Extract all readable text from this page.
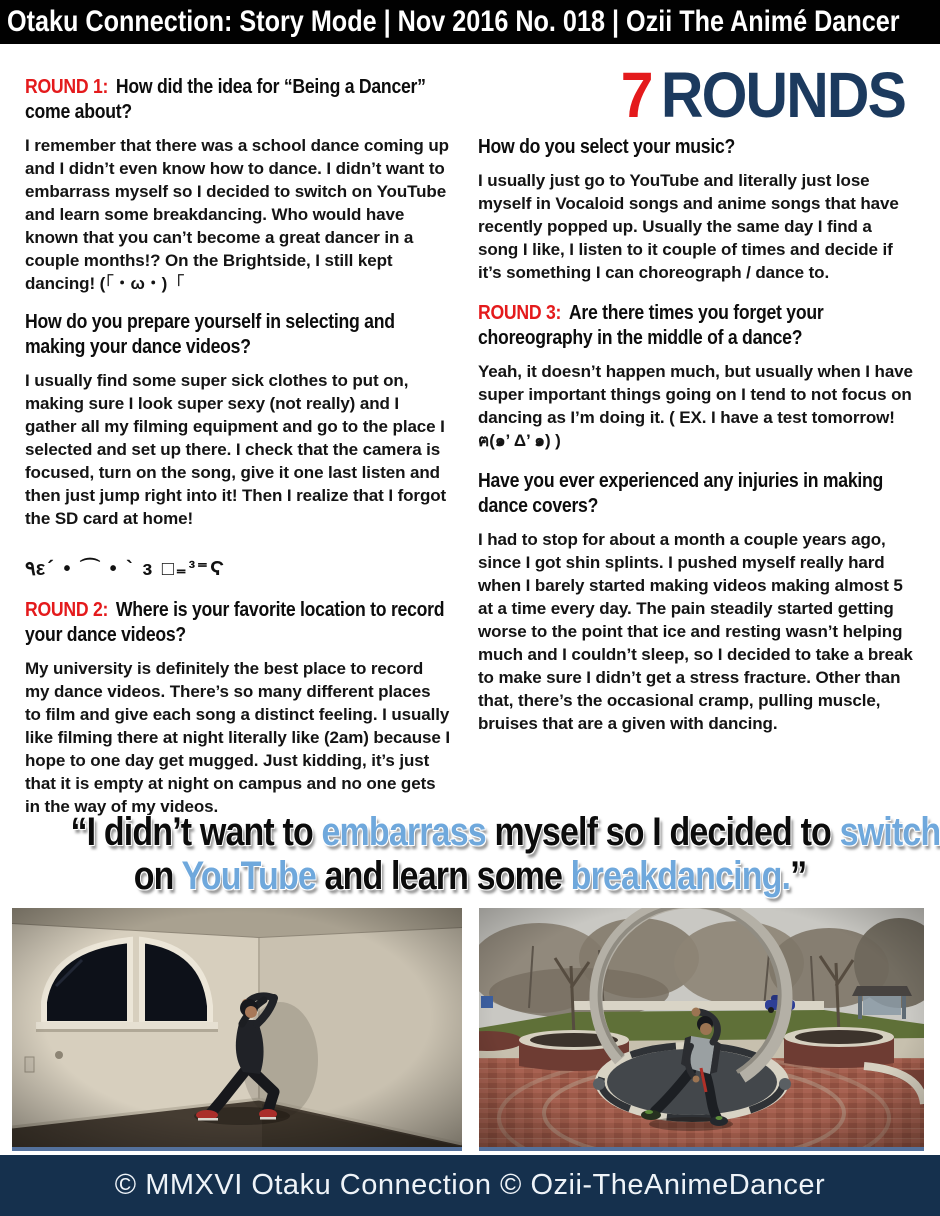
Otaku Connection: Story Mode | Nov 2016 No. 018 | Ozii The Animé Dancer
ROUND 1: How did the idea for “Being a Dancer” come about?

I remember that there was a school dance coming up and I didn’t even know how to dance. I didn’t want to embarrass myself so I decided to switch on YouTube and learn some breakdancing. Who would have known that you can’t become a great dancer in a couple months!? On the Brightside, I still kept dancing! (「・ω・)「

How do you prepare yourself in selecting and making your dance videos?

I usually find some super sick clothes to put on, making sure I look super sexy (not really) and I gather all my filming equipment and go to the place I selected and set up there. I check that the camera is focused, turn on the song, give it one last listen and then just jump right into it! Then I realize that I forgot the SD card at home!

٩ε´ • ⌒ • ` ɜ □₌³⁼Ϛ
ROUND 2: Where is your favorite location to record your dance videos?

My university is definitely the best place to record my dance videos. There’s so many different places to film and give each song a distinct feeling. I usually like filming there at night literally like (2am) because I hope to one day get mugged. Just kidding, it’s just that it is empty at night on campus and no one gets in the way of my videos.

7 ROUNDS
How do you select your music?

I usually just go to YouTube and literally just lose myself in Vocaloid songs and anime songs that have recently popped up. Usually the same day I find a song I like, I listen to it couple of times and decide if it’s something I can choreograph / dance to.

ROUND 3: Are there times you forget your choreography in the middle of a dance?

Yeah, it doesn’t happen much, but usually when I have super important things going on I tend to not focus on dancing as I’m doing it. ( EX. I have a test tomorrow! ฅ(๑’ Δ’ ๑) )

Have you ever experienced any injuries in making dance covers?

I had to stop for about a month a couple years ago, since I got shin splints. I pushed myself really hard when I barely started making videos making almost 5 at a time every day. The pain steadily started getting worse to the point that ice and resting wasn’t helping much and I couldn’t sleep, so I decided to take a break to make sure I didn’t get a stress fracture. Other than that, there’s the occasional cramp, pulling muscle, bruises that are a given with dancing.

“I didn’t want to embarrass myself so I decided to switch
on YouTube and learn some breakdancing.”
© MMXVI Otaku Connection © Ozii-TheAnimeDancer
